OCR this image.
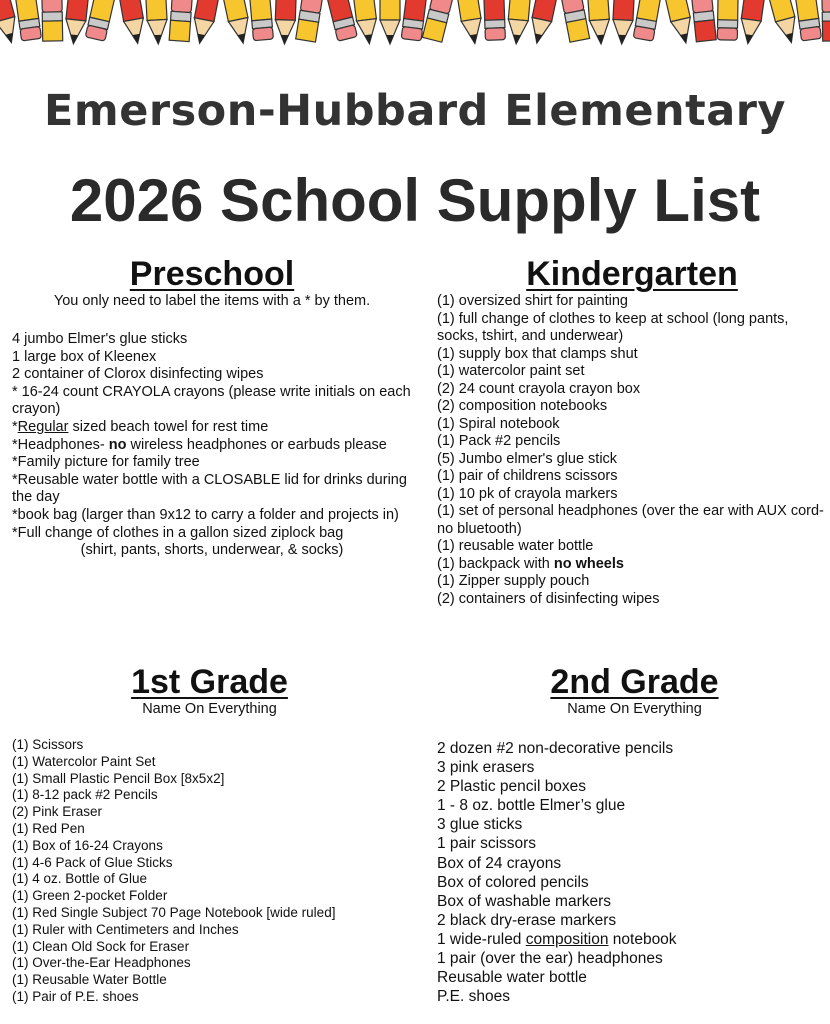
Emerson-Hubbard Elementary
2026 School Supply List
Preschool

You only need to label the items with a * by them.

4 jumbo Elmer's glue sticks
1 large box of Kleenex
2 container of Clorox disinfecting wipes
* 16-24 count CRAYOLA crayons (please write initials on each crayon)
*Regular sized beach towel for rest time
*Headphones- no wireless headphones or earbuds please
*Family picture for family tree
*Reusable water bottle with a CLOSABLE lid for drinks during the day
*book bag (larger than 9x12 to carry a folder and projects in)
*Full change of clothes in a gallon sized ziplock bag
(shirt, pants, shorts, underwear, & socks)
Kindergarten
(1) oversized shirt for painting
(1) full change of clothes to keep at school (long pants, socks, tshirt, and underwear)
(1) supply box that clamps shut
(1) watercolor paint set
(2) 24 count crayola crayon box
(2) composition notebooks
(1) Spiral notebook
(1) Pack #2 pencils
(5) Jumbo elmer's glue stick
(1) pair of childrens scissors
(1) 10 pk of crayola markers
(1) set of personal headphones (over the ear with AUX cord- no bluetooth)
(1) reusable water bottle
(1) backpack with no wheels
(1) Zipper supply pouch
(2) containers of disinfecting wipes
1st Grade

Name On Everything

(1) Scissors
(1) Watercolor Paint Set
(1) Small Plastic Pencil Box [8x5x2]
(1) 8-12 pack #2 Pencils
(2) Pink Eraser
(1) Red Pen
(1) Box of 16-24 Crayons
(1) 4-6 Pack of Glue Sticks
(1) 4 oz. Bottle of Glue
(1) Green 2-pocket Folder
(1) Red Single Subject 70 Page Notebook [wide ruled]
(1) Ruler with Centimeters and Inches
(1) Clean Old Sock for Eraser
(1) Over-the-Ear Headphones
(1) Reusable Water Bottle
(1) Pair of P.E. shoes
2nd Grade

Name On Everything

2 dozen #2 non-decorative pencils
3 pink erasers
2 Plastic pencil boxes
1 - 8 oz. bottle Elmer’s glue
3 glue sticks
1 pair scissors
Box of 24 crayons
Box of colored pencils
Box of washable markers
2 black dry-erase markers
1 wide-ruled composition notebook
1 pair (over the ear) headphones
Reusable water bottle
P.E. shoes
